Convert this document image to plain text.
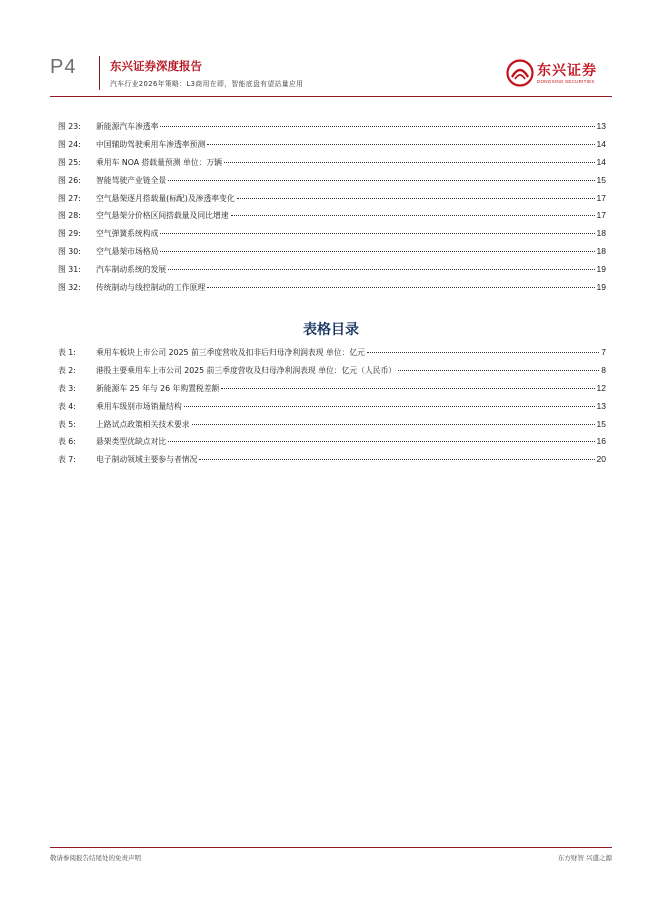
P4	东兴证券深度报告
汽车行业2026年策略：L3商用在即，智能底盘有望站量应用
东兴证券
DONGXING SECURITIES
图 23:	新能源汽车渗透率	13
图 24:	中国辅助驾驶乘用车渗透率预测	14
图 25:	乘用车 NOA 搭载量预测 单位：万辆	14
图 26:	智能驾驶产业链全景	15
图 27:	空气悬架逐月搭载量(标配)及渗透率变化	17
图 28:	空气悬架分价格区间搭载量及同比增速	17
图 29:	空气弹簧系统构成	18
图 30:	空气悬架市场格局	18
图 31:	汽车制动系统的发展	19
图 32:	传统制动与线控制动的工作原理	19
表格目录
表 1:	乘用车板块上市公司 2025 前三季度营收及扣非后归母净利润表现 单位：亿元	7
表 2:	港股主要乘用车上市公司 2025 前三季度营收及归母净利润表现 单位：亿元（人民币）	8
表 3:	新能源车 25 年与 26 年购置税差额	12
表 4:	乘用车级别市场销量结构	13
表 5:	上路试点政策相关技术要求	15
表 6:	悬架类型优缺点对比	16
表 7:	电子制动领域主要参与者情况	20
敬请参阅报告结尾处的免责声明	东方财智 兴盛之源
